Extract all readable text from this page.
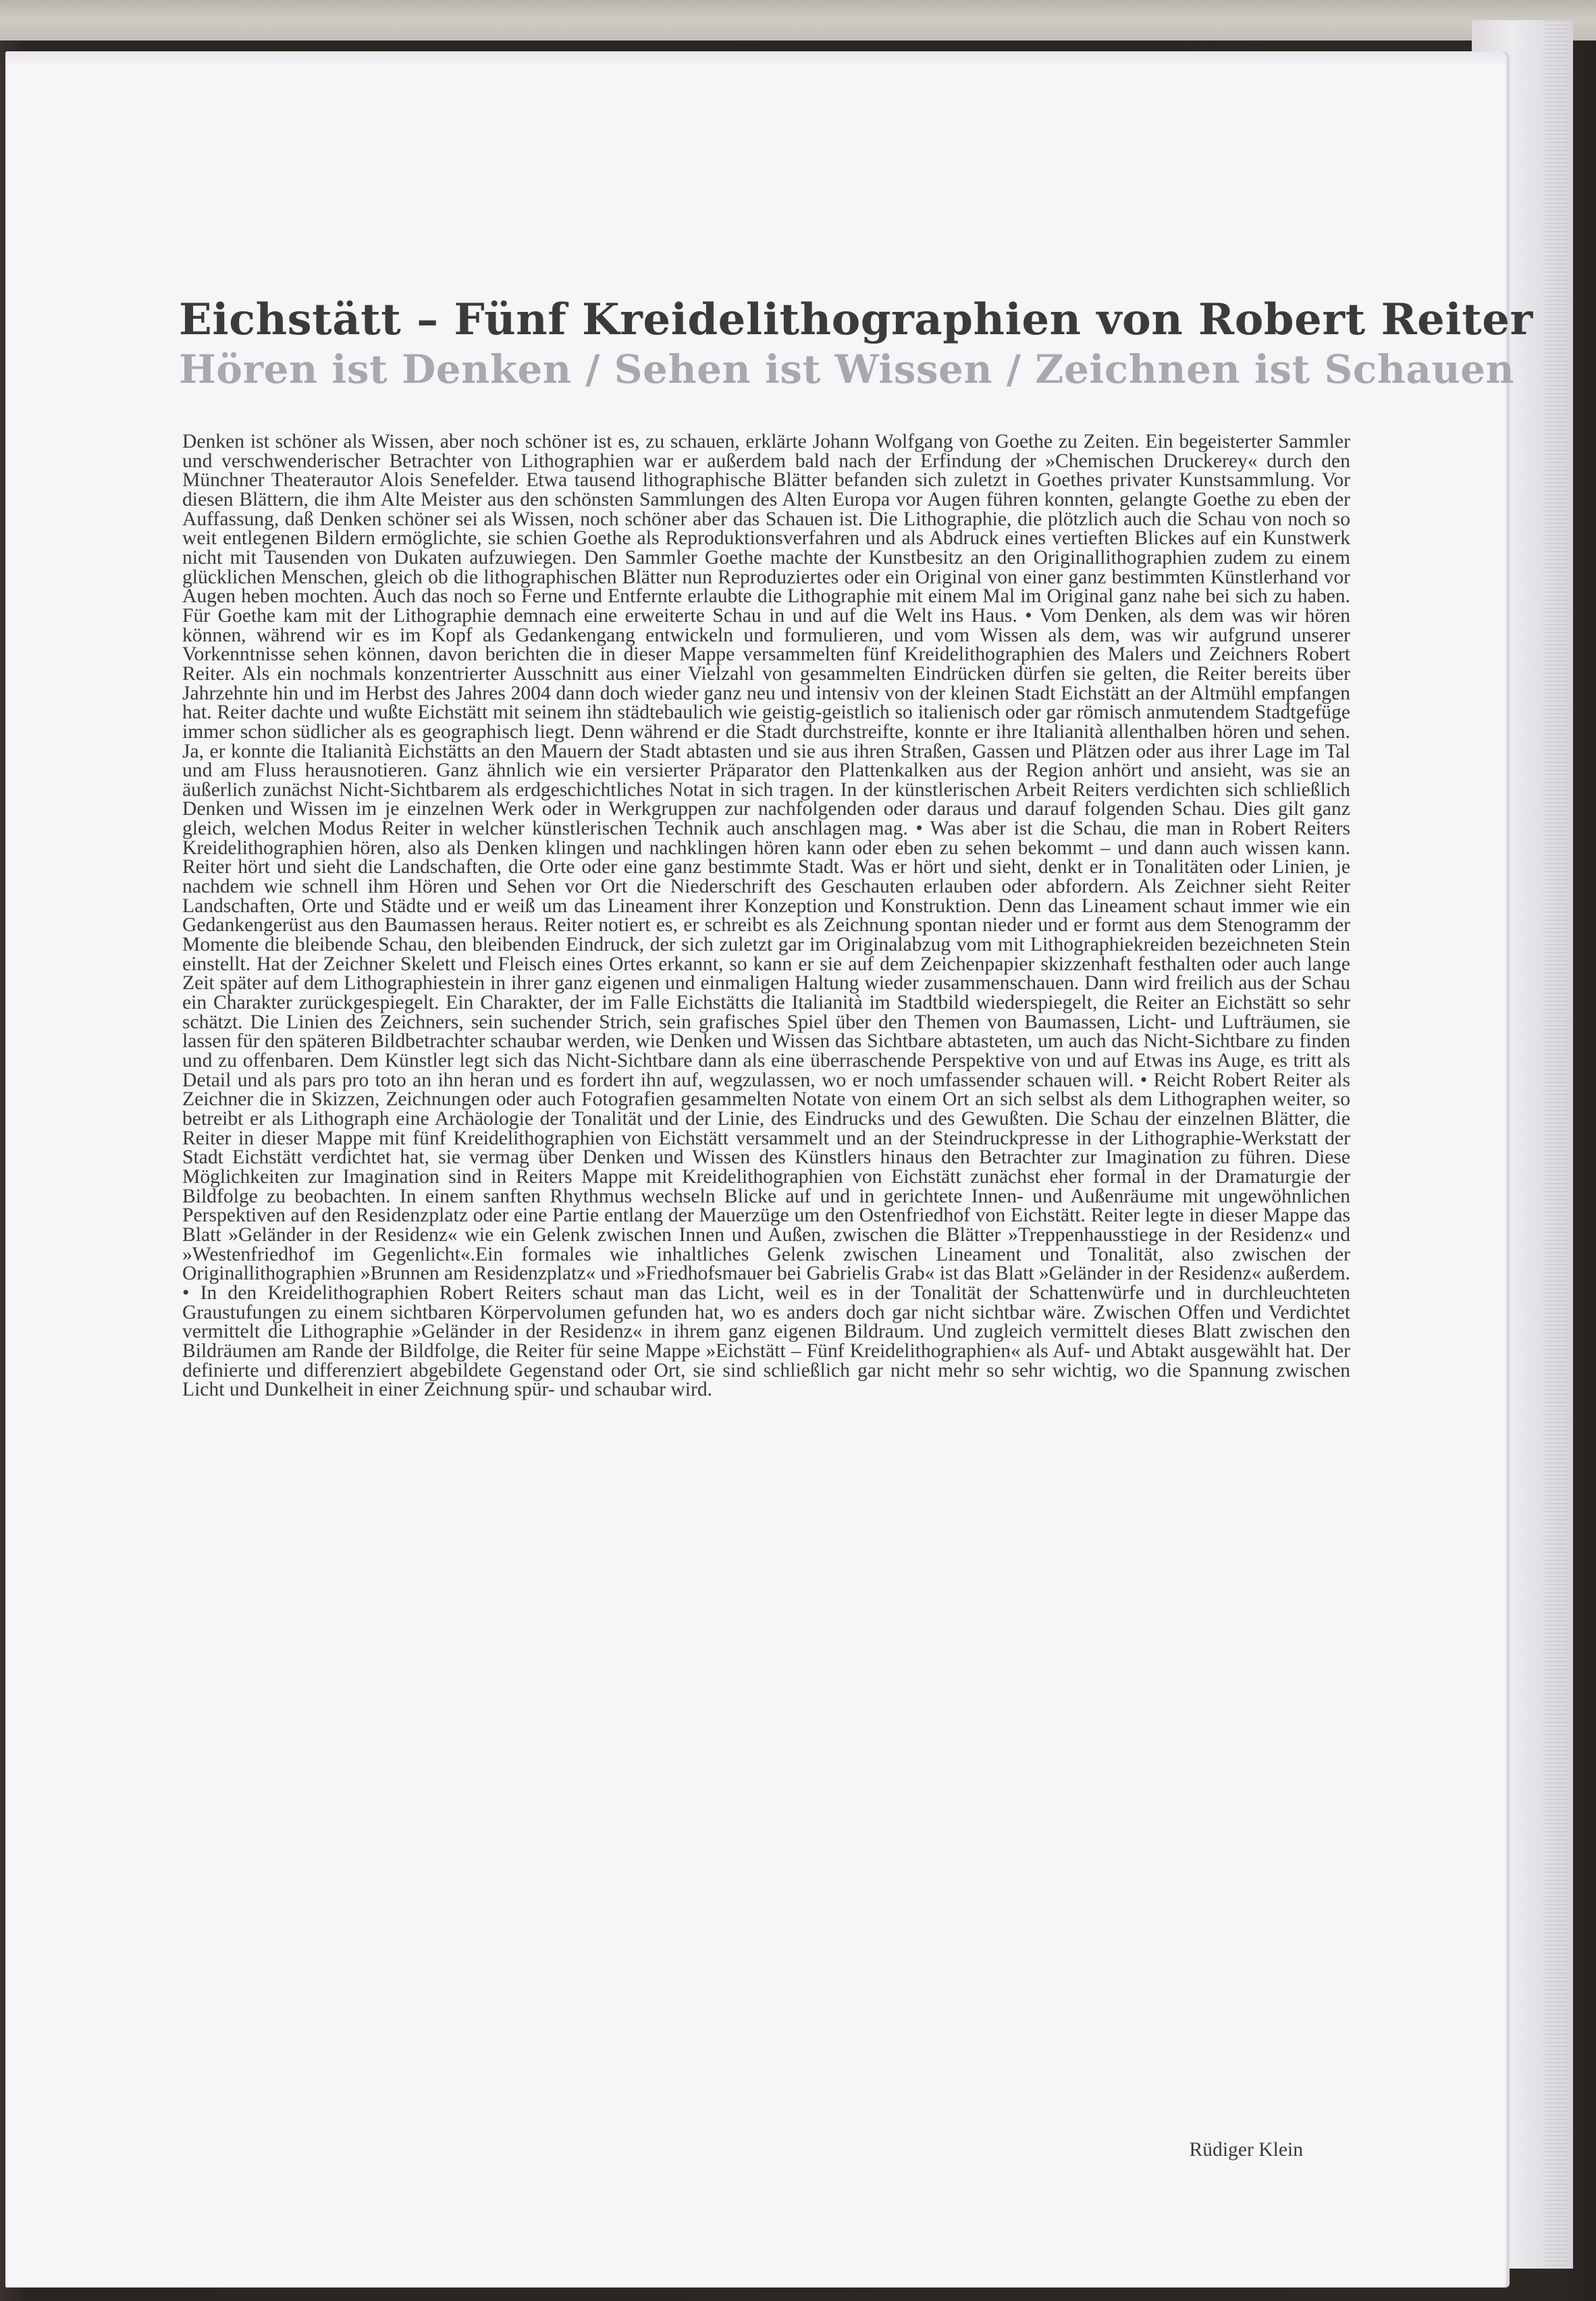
Eichstätt – Fünf Kreidelithographien von Robert Reiter
Hören ist Denken / Sehen ist Wissen / Zeichnen ist Schauen

Denken ist schöner als Wissen, aber noch schöner ist es, zu schauen, erklärte Johann Wolfgang von Goethe zu Zeiten. Ein begeisterter Sammler und verschwenderischer Betrachter von Lithographien war er außerdem bald nach der Erfindung der »Chemischen Druckerey« durch den Münchner Theaterautor Alois Senefelder. Etwa tausend lithographische Blätter befanden sich zuletzt in Goethes privater Kunstsammlung. Vor diesen Blättern, die ihm Alte Meister aus den schönsten Sammlungen des Alten Europa vor Augen führen konnten, gelangte Goethe zu eben der Auffassung, daß Denken schöner sei als Wissen, noch schöner aber das Schauen ist. Die Lithographie, die plötzlich auch die Schau von noch so weit entlegenen Bildern ermöglichte, sie schien Goethe als Reproduktionsverfahren und als Abdruck eines vertieften Blickes auf ein Kunstwerk nicht mit Tausenden von Dukaten aufzuwiegen. Den Sammler Goethe machte der Kunstbesitz an den Originallithographien zudem zu einem glücklichen Menschen, gleich ob die lithographischen Blätter nun Reproduziertes oder ein Original von einer ganz bestimmten Künstlerhand vor Augen heben mochten. Auch das noch so Ferne und Entfernte erlaubte die Lithographie mit einem Mal im Original ganz nahe bei sich zu haben. Für Goethe kam mit der Lithographie demnach eine erweiterte Schau in und auf die Welt ins Haus. • Vom Denken, als dem was wir hören können, während wir es im Kopf als Gedankengang entwickeln und formulieren, und vom Wissen als dem, was wir aufgrund unserer Vorkenntnisse sehen können, davon berichten die in dieser Mappe versammelten fünf Kreidelithographien des Malers und Zeichners Robert Reiter. Als ein nochmals konzentrierter Ausschnitt aus einer Vielzahl von gesammelten Eindrücken dürfen sie gelten, die Reiter bereits über Jahrzehnte hin und im Herbst des Jahres 2004 dann doch wieder ganz neu und intensiv von der kleinen Stadt Eichstätt an der Altmühl empfangen hat. Reiter dachte und wußte Eichstätt mit seinem ihn städtebaulich wie geistig-geistlich so italienisch oder gar römisch anmutendem Stadtgefüge immer schon südlicher als es geographisch liegt. Denn während er die Stadt durchstreifte, konnte er ihre Italianità allenthalben hören und sehen. Ja, er konnte die Italianità Eichstätts an den Mauern der Stadt abtasten und sie aus ihren Straßen, Gassen und Plätzen oder aus ihrer Lage im Tal und am Fluss herausnotieren. Ganz ähnlich wie ein versierter Präparator den Plattenkalken aus der Region anhört und ansieht, was sie an äußerlich zunächst Nicht-Sichtbarem als erdgeschichtliches Notat in sich tragen. In der künstlerischen Arbeit Reiters verdichten sich schließlich Denken und Wissen im je einzelnen Werk oder in Werkgruppen zur nachfolgenden oder daraus und darauf folgenden Schau. Dies gilt ganz gleich, welchen Modus Reiter in welcher künstlerischen Technik auch anschlagen mag. • Was aber ist die Schau, die man in Robert Reiters Kreidelithographien hören, also als Denken klingen und nachklingen hören kann oder eben zu sehen bekommt – und dann auch wissen kann. Reiter hört und sieht die Landschaften, die Orte oder eine ganz bestimmte Stadt. Was er hört und sieht, denkt er in Tonalitäten oder Linien, je nachdem wie schnell ihm Hören und Sehen vor Ort die Niederschrift des Geschauten erlauben oder abfordern. Als Zeichner sieht Reiter Landschaften, Orte und Städte und er weiß um das Lineament ihrer Konzeption und Konstruktion. Denn das Lineament schaut immer wie ein Gedankengerüst aus den Baumassen heraus. Reiter notiert es, er schreibt es als Zeichnung spontan nieder und er formt aus dem Stenogramm der Momente die bleibende Schau, den bleibenden Eindruck, der sich zuletzt gar im Originalabzug vom mit Lithographiekreiden bezeichneten Stein einstellt. Hat der Zeichner Skelett und Fleisch eines Ortes erkannt, so kann er sie auf dem Zeichenpapier skizzenhaft festhalten oder auch lange Zeit später auf dem Lithographiestein in ihrer ganz eigenen und einmaligen Haltung wieder zusammenschauen. Dann wird freilich aus der Schau ein Charakter zurückgespiegelt. Ein Charakter, der im Falle Eichstätts die Italianità im Stadtbild wiederspiegelt, die Reiter an Eichstätt so sehr schätzt. Die Linien des Zeichners, sein suchender Strich, sein grafisches Spiel über den Themen von Baumassen, Licht- und Lufträumen, sie lassen für den späteren Bildbetrachter schaubar werden, wie Denken und Wissen das Sichtbare abtasteten, um auch das Nicht-Sichtbare zu finden und zu offenbaren. Dem Künstler legt sich das Nicht-Sichtbare dann als eine überraschende Perspektive von und auf Etwas ins Auge, es tritt als Detail und als pars pro toto an ihn heran und es fordert ihn auf, wegzulassen, wo er noch umfassender schauen will. • Reicht Robert Reiter als Zeichner die in Skizzen, Zeichnungen oder auch Fotografien gesammelten Notate von einem Ort an sich selbst als dem Lithographen weiter, so betreibt er als Lithograph eine Archäologie der Tonalität und der Linie, des Eindrucks und des Gewußten. Die Schau der einzelnen Blätter, die Reiter in dieser Mappe mit fünf Kreidelithographien von Eichstätt versammelt und an der Steindruckpresse in der Lithographie-Werkstatt der Stadt Eichstätt verdichtet hat, sie vermag über Denken und Wissen des Künstlers hinaus den Betrachter zur Imagination zu führen. Diese Möglichkeiten zur Imagination sind in Reiters Mappe mit Kreidelithographien von Eichstätt zunächst eher formal in der Dramaturgie der Bildfolge zu beobachten. In einem sanften Rhythmus wechseln Blicke auf und in gerichtete Innen- und Außenräume mit ungewöhnlichen Perspektiven auf den Residenzplatz oder eine Partie entlang der Mauerzüge um den Ostenfriedhof von Eichstätt. Reiter legte in dieser Mappe das Blatt »Geländer in der Residenz« wie ein Gelenk zwischen Innen und Außen, zwischen die Blätter »Treppenhausstiege in der Residenz« und »Westenfriedhof im Gegenlicht«.Ein formales wie inhaltliches Gelenk zwischen Lineament und Tonalität, also zwischen der Originallithographien »Brunnen am Residenzplatz« und »Friedhofsmauer bei Gabrielis Grab« ist das Blatt »Geländer in der Residenz« außerdem. • In den Kreidelithographien Robert Reiters schaut man das Licht, weil es in der Tonalität der Schattenwürfe und in durchleuchteten Graustufungen zu einem sichtbaren Körpervolumen gefunden hat, wo es anders doch gar nicht sichtbar wäre. Zwischen Offen und Verdichtet vermittelt die Lithographie »Geländer in der Residenz« in ihrem ganz eigenen Bildraum. Und zugleich vermittelt dieses Blatt zwischen den Bildräumen am Rande der Bildfolge, die Reiter für seine Mappe »Eichstätt – Fünf Kreidelithographien« als Auf- und Abtakt ausgewählt hat. Der definierte und differenziert abgebildete Gegenstand oder Ort, sie sind schließlich gar nicht mehr so sehr wichtig, wo die Spannung zwischen Licht und Dunkelheit in einer Zeichnung spür- und schaubar wird.

Rüdiger Klein
